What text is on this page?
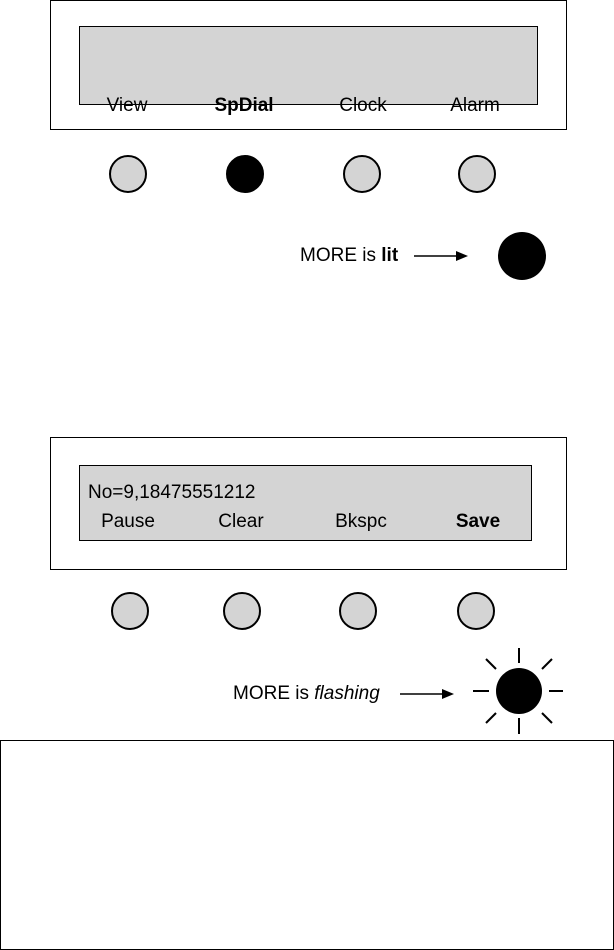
View	SpDial	Clock	Alarm
MORE is lit
No=9,18475551212
Pause	Clear	Bkspc	Save
MORE is flashing
